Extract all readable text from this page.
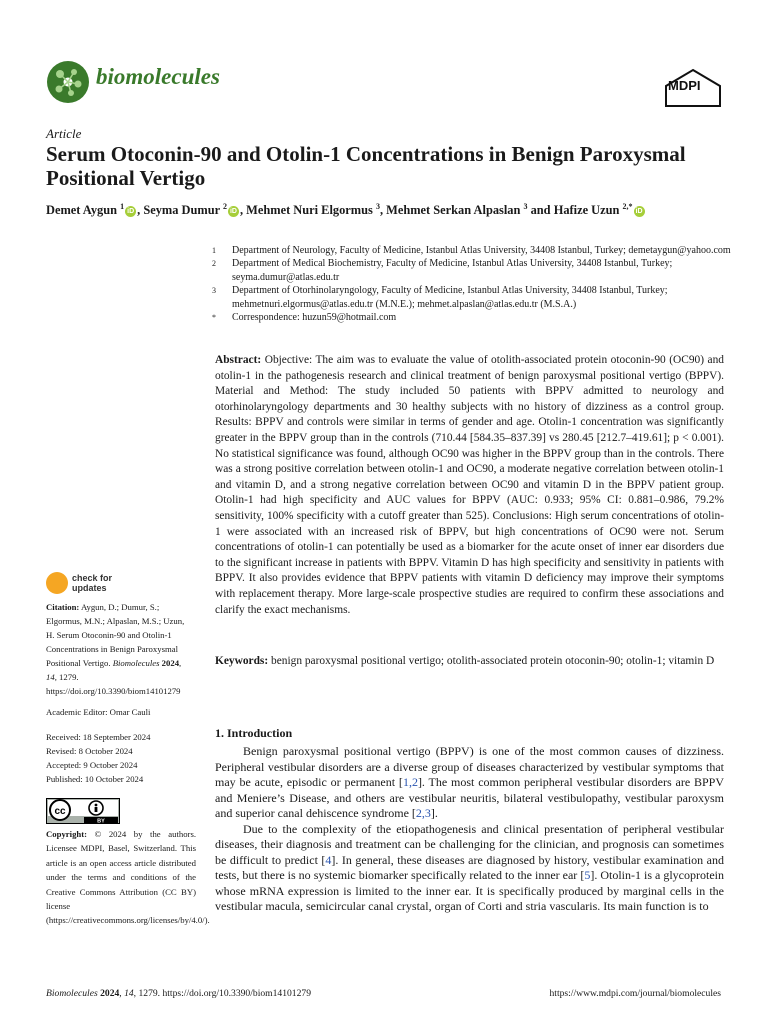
biomolecules	MDPI
Article
Serum Otoconin-90 and Otolin-1 Concentrations in Benign Paroxysmal Positional Vertigo
Demet Aygun $^1$iD , Seyma Dumur $^2$iD , Mehmet Nuri Elgormus $^3$, Mehmet Serkan Alpaslan $^3$ and Hafize Uzun $^{2,*}$iD
1	Department of Neurology, Faculty of Medicine, Istanbul Atlas University, 34408 Istanbul, Turkey; demetaygun@yahoo.com
2	Department of Medical Biochemistry, Faculty of Medicine, Istanbul Atlas University, 34408 Istanbul, Turkey; seyma.dumur@atlas.edu.tr
3	Department of Otorhinolaryngology, Faculty of Medicine, Istanbul Atlas University, 34408 Istanbul, Turkey; mehmetnuri.elgormus@atlas.edu.tr (M.N.E.); mehmet.alpaslan@atlas.edu.tr (M.S.A.)
*	Correspondence: huzun59@hotmail.com
Abstract: Objective: The aim was to evaluate the value of otolith-associated protein otoconin-90 (OC90) and otolin-1 in the pathogenesis research and clinical treatment of benign paroxysmal positional vertigo (BPPV). Material and Method: The study included 50 patients with BPPV admitted to neurology and otorhinolaryngology departments and 30 healthy subjects with no history of dizziness as a control group. Results: BPPV and controls were similar in terms of gender and age. Otolin-1 concentration was significantly greater in the BPPV group than in the controls (710.44 [584.35–837.39] vs 280.45 [212.7–419.61]; p < 0.001). No statistical significance was found, although OC90 was higher in the BPPV group than in the controls. There was a strong positive correlation between otolin-1 and OC90, a moderate negative correlation between otolin-1 and vitamin D, and a strong negative correlation between OC90 and vitamin D in the BPPV patient group. Otolin-1 had high specificity and AUC values for BPPV (AUC: 0.933; 95% CI: 0.881–0.986, 79.2% sensitivity, 100% specificity with a cutoff greater than 525). Conclusions: High serum concentrations of otolin-1 were associated with an increased risk of BPPV, but high concentrations of OC90 were not. Serum concentrations of otolin-1 can potentially be used as a biomarker for the acute onset of inner ear disorders due to the significant increase in patients with BPPV. Vitamin D has high specificity and sensitivity in patients with BPPV. It also provides evidence that BPPV patients with vitamin D deficiency may improve their symptoms with replacement therapy. More large-scale prospective studies are required to confirm these associations and clarify the exact mechanisms.
Keywords: benign paroxysmal positional vertigo; otolith-associated protein otoconin-90; otolin-1; vitamin D
check for
updates
Citation: Aygun, D.; Dumur, S.; Elgormus, M.N.; Alpaslan, M.S.; Uzun, H. Serum Otoconin-90 and Otolin-1 Concentrations in Benign Paroxysmal Positional Vertigo. Biomolecules 2024, 14, 1279. https://doi.org/10.3390/biom14101279
Academic Editor: Omar Cauli
Received: 18 September 2024
Revised: 8 October 2024
Accepted: 9 October 2024
Published: 10 October 2024
cc
BY
Copyright: © 2024 by the authors. Licensee MDPI, Basel, Switzerland. This article is an open access article distributed under the terms and conditions of the Creative Commons Attribution (CC BY) license (https://creativecommons.org/licenses/by/4.0/).
1. Introduction

Benign paroxysmal positional vertigo (BPPV) is one of the most common causes of dizziness. Peripheral vestibular disorders are a diverse group of diseases characterized by vestibular symptoms that may be acute, episodic or permanent [1,2]. The most common peripheral vestibular disorders are BPPV and Meniere’s Disease, and others are vestibular neuritis, bilateral vestibulopathy, vestibular paroxysm and superior canal dehiscence syndrome [2,3].

Due to the complexity of the etiopathogenesis and clinical presentation of peripheral vestibular diseases, their diagnosis and treatment can be challenging for the clinician, and prognosis can sometimes be difficult to predict [4]. In general, these diseases are diagnosed by history, vestibular examination and tests, but there is no systemic biomarker specifically related to the inner ear [5]. Otolin-1 is a glycoprotein whose mRNA expression is limited to the inner ear. It is specifically produced by marginal cells in the vestibular macula, semicircular canal crystal, organ of Corti and stria vascularis. Its main function is to

Biomolecules 2024, 14, 1279. https://doi.org/10.3390/biom14101279	https://www.mdpi.com/journal/biomolecules
